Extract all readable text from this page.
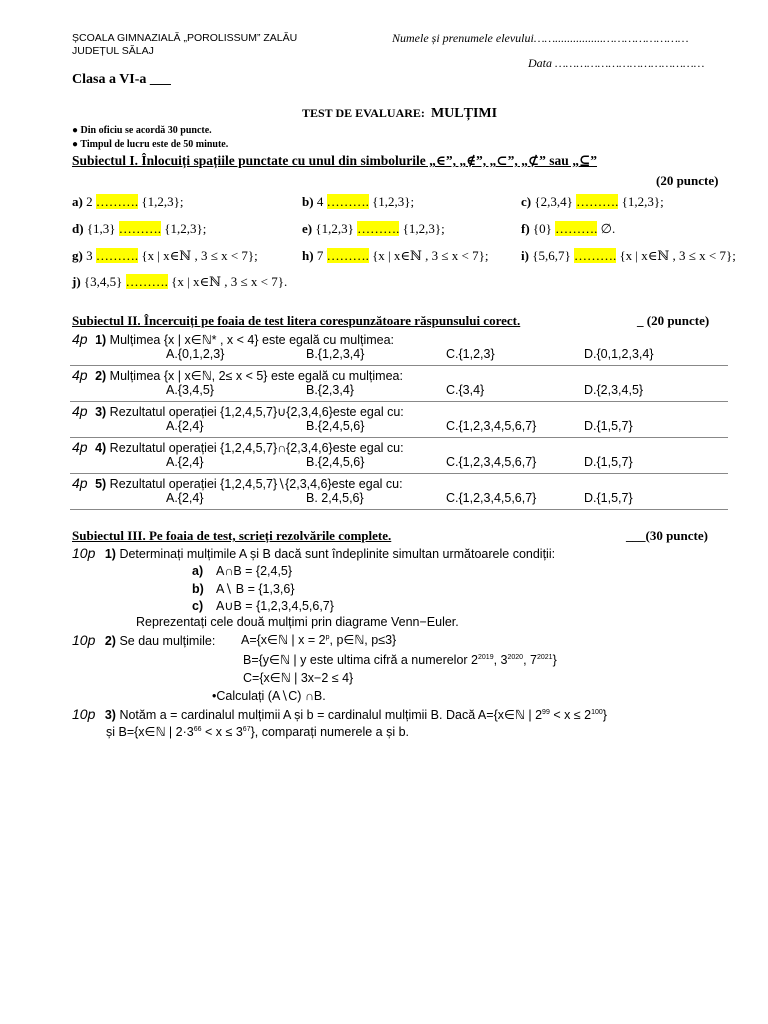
ȘCOALA GIMNAZIALĂ „POROLISSUM” ZALĂU
JUDEȚUL SĂLAJ
Numele și prenumele elevului……................……………………
Data ……………………………………
Clasa a VI-a ___
TEST DE EVALUARE: MULȚIMI
● Din oficiu se acordă 30 puncte.
● Timpul de lucru este de 50 minute.
Subiectul I. Înlocuiți spațiile punctate cu unul din simbolurile „∈”, „∉”, „⊂”, „⊄” sau „⊆”
(20 puncte)
a) 2 ………. {1,2,3};	b) 4 ………. {1,2,3};	c) {2,3,4} ………. {1,2,3};
d) {1,3} ………. {1,2,3};	e) {1,2,3} ………. {1,2,3};	f) {0} ………. ∅.
g) 3 ………. {x | x∈ℕ , 3 ≤ x < 7};	h) 7 ………. {x | x∈ℕ , 3 ≤ x < 7};	i) {5,6,7} ………. {x | x∈ℕ , 3 ≤ x < 7};
j) {3,4,5} ………. {x | x∈ℕ , 3 ≤ x < 7}.
Subiectul II. Încercuiți pe foaia de test litera corespunzătoare răspunsului corect.	_ (20 puncte)
4p 1) Mulțimea {x | x∈ℕ* , x < 4} este egală cu mulțimea:
A.{0,1,2,3}	B.{1,2,3,4}	C.{1,2,3}	D.{0,1,2,3,4}
4p 2) Mulțimea {x | x∈ℕ, 2≤ x < 5} este egală cu mulțimea:
A.{3,4,5}	B.{2,3,4}	C.{3,4}	D.{2,3,4,5}
4p 3) Rezultatul operației {1,2,4,5,7}∪{2,3,4,6}este egal cu:
A.{2,4}	B.{2,4,5,6}	C.{1,2,3,4,5,6,7}	D.{1,5,7}
4p 4) Rezultatul operației {1,2,4,5,7}∩{2,3,4,6}este egal cu:
A.{2,4}	B.{2,4,5,6}	C.{1,2,3,4,5,6,7}	D.{1,5,7}
4p 5) Rezultatul operației {1,2,4,5,7}∖{2,3,4,6}este egal cu:
A.{2,4}	B. 2,4,5,6}	C.{1,2,3,4,5,6,7}	D.{1,5,7}
Subiectul III. Pe foaia de test, scrieți rezolvările complete.	___(30 puncte)
10p 1) Determinați mulțimile A și B dacă sunt îndeplinite simultan următoarele condiții:
a) A∩B = {2,4,5}
b) A∖ B = {1,3,6}
c) A∪B = {1,2,3,4,5,6,7}
Reprezentați cele două mulțimi prin diagrame Venn−Euler.
10p 2) Se dau mulțimile: A={x∈ℕ | $x = 2^p$, p∈ℕ, p≤3}
B={y∈ℕ | y este ultima cifră a numerelor $2^{2019}$, $3^{2020}$, $7^{2021}$}
C={x∈ℕ | 3x−2 ≤ 4}
•Calculați (A∖C) ∩B.
10p 3) Notăm a = cardinalul mulțimii A și b = cardinalul mulțimii B. Dacă A={x∈ℕ | $2^{99} < x \le 2^{100}$}
și B={x∈ℕ | $2\cdot 3^{66} < x \le 3^{67}$}, comparați numerele a și b.
